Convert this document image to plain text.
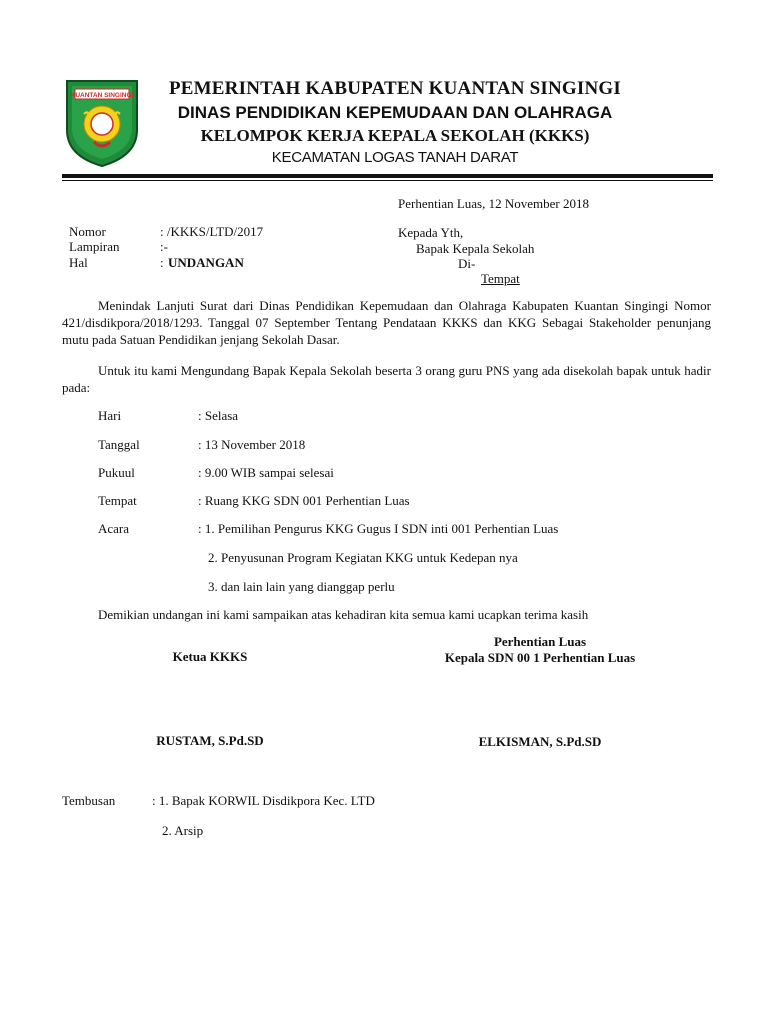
KUANTAN SINGINGI	PEMERINTAH KABUPATEN KUANTAN SINGINGI
DINAS PENDIDIKAN KEPEMUDAAN DAN OLAHRAGA
KELOMPOK KERJA KEPALA SEKOLAH (KKKS)
KECAMATAN LOGAS TANAH DARAT
Perhentian Luas, 12 November 2018
Nomor	: /KKKS/LTD/2017
Lampiran	:-
Hal	: UNDANGAN
Kepada Yth,
Bapak Kepala Sekolah
Di-
Tempat
Menindak Lanjuti Surat dari Dinas Pendidikan Kepemudaan dan Olahraga Kabupaten Kuantan Singingi Nomor 421/disdikpora/2018/1293. Tanggal 07 September Tentang Pendataan KKKS dan KKG Sebagai Stakeholder penunjang mutu pada Satuan Pendidikan jenjang Sekolah Dasar.
Untuk itu kami Mengundang Bapak Kepala Sekolah beserta 3 orang guru PNS yang ada disekolah bapak untuk hadir pada:
Hari	: Selasa
Tanggal	: 13 November 2018
Pukuul	: 9.00 WIB sampai selesai
Tempat	: Ruang KKG SDN 001 Perhentian Luas
Acara	: 1. Pemilihan Pengurus KKG Gugus I SDN inti 001 Perhentian Luas
2. Penyusunan Program Kegiatan KKG untuk Kedepan nya
3. dan lain lain yang dianggap perlu
Demikian undangan ini kami sampaikan atas kehadiran kita semua kami ucapkan terima kasih
Ketua KKKS
Perhentian Luas
Kepala SDN 00 1 Perhentian Luas
RUSTAM, S.Pd.SD	ELKISMAN, S.Pd.SD
Tembusan	: 1. Bapak KORWIL Disdikpora Kec. LTD
2. Arsip
